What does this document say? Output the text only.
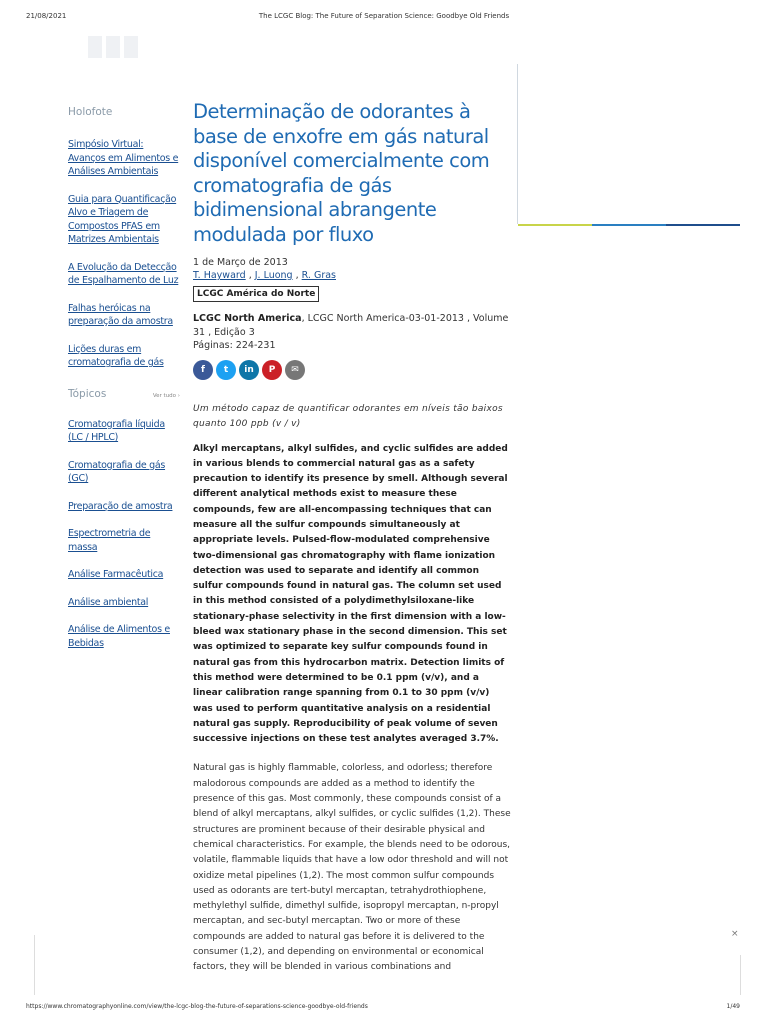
21/08/2021	The LCGC Blog: The Future of Separation Science: Goodbye Old Friends
Holofote
Simpósio Virtual: Avanços em Alimentos e Análises Ambientais
Guia para Quantificação Alvo e Triagem de Compostos PFAS em Matrizes Ambientais
A Evolução da Detecção de Espalhamento de Luz
Falhas heróicas na preparação da amostra
Lições duras em cromatografia de gás
Tópicos	Ver tudo ›
Cromatografia líquida (LC / HPLC)
Cromatografia de gás (GC)
Preparação de amostra
Espectrometria de massa
Análise Farmacêutica
Análise ambiental
Análise de Alimentos e Bebidas
Determinação de odorantes à base de enxofre em gás natural disponível comercialmente com cromatografia de gás bidimensional abrangente modulada por fluxo
1 de Março de 2013
T. Hayward , J. Luong , R. Gras
LCGC América do Norte
LCGC North America, LCGC North America-03-01-2013 , Volume 31 , Edição 3
Páginas: 224-231
f	t	in	P	✉
Um método capaz de quantificar odorantes em níveis tão baixos quanto 100 ppb (v / v)
Alkyl mercaptans, alkyl sulfides, and cyclic sulfides are added in various blends to commercial natural gas as a safety precaution to identify its presence by smell. Although several different analytical methods exist to measure these compounds, few are all-encompassing techniques that can measure all the sulfur compounds simultaneously at appropriate levels. Pulsed-flow-modulated comprehensive two-dimensional gas chromatography with flame ionization detection was used to separate and identify all common sulfur compounds found in natural gas. The column set used in this method consisted of a polydimethylsiloxane-like stationary-phase selectivity in the first dimension with a low-bleed wax stationary phase in the second dimension. This set was optimized to separate key sulfur compounds found in natural gas from this hydrocarbon matrix. Detection limits of this method were determined to be 0.1 ppm (v/v), and a linear calibration range spanning from 0.1 to 30 ppm (v/v) was used to perform quantitative analysis on a residential natural gas supply. Reproducibility of peak volume of seven successive injections on these test analytes averaged 3.7%.
Natural gas is highly flammable, colorless, and odorless; therefore malodorous compounds are added as a method to identify the presence of this gas. Most commonly, these compounds consist of a blend of alkyl mercaptans, alkyl sulfides, or cyclic sulfides (1,2). These structures are prominent because of their desirable physical and chemical characteristics. For example, the blends need to be odorous, volatile, flammable liquids that have a low odor threshold and will not oxidize metal pipelines (1,2). The most common sulfur compounds used as odorants are tert-butyl mercaptan, tetrahydrothiophene, methylethyl sulfide, dimethyl sulfide, isopropyl mercaptan, n-propyl mercaptan, and sec-butyl mercaptan. Two or more of these compounds are added to natural gas before it is delivered to the consumer (1,2), and depending on environmental or economical factors, they will be blended in various combinations and
×
https://www.chromatographyonline.com/view/the-lcgc-blog-the-future-of-separations-science-goodbye-old-friends	1/49
